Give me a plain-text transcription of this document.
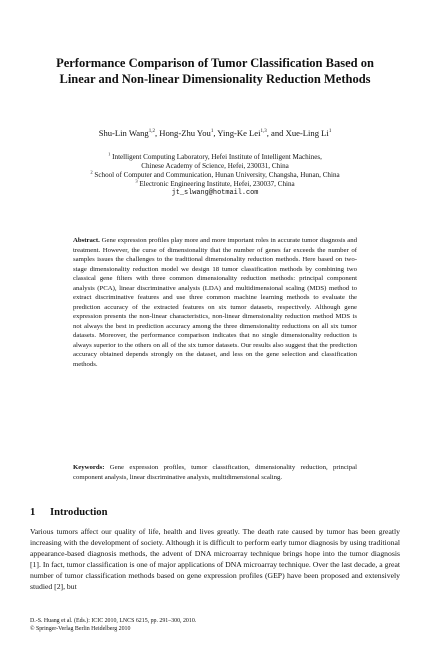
Performance Comparison of Tumor Classification Based on Linear and Non-linear Dimensionality Reduction Methods
Shu-Lin Wang$^{1,2}$, Hong-Zhu You$^1$, Ying-Ke Lei$^{1,3}$, and Xue-Ling Li$^1$
$^1$ Intelligent Computing Laboratory, Hefei Institute of Intelligent Machines,
Chinese Academy of Science, Hefei, 230031, China
$^2$ School of Computer and Communication, Hunan University, Changsha, Hunan, China
$^3$ Electronic Engineering Institute, Hefei, 230037, China
jt_slwang@hotmail.com
Abstract. Gene expression profiles play more and more important roles in accurate tumor diagnosis and treatment. However, the curse of dimensionality that the number of genes far exceeds the number of samples issues the challenges to the traditional dimensionality reduction methods. Here based on two-stage dimensionality reduction model we design 18 tumor classification methods by combining two classical gene filters with three common dimensionality reduction methods: principal component analysis (PCA), linear discriminative analysis (LDA) and multidimensional scaling (MDS) method to extract discriminative features and use three common machine learning methods to evaluate the prediction accuracy of the extracted features on six tumor datasets, respectively. Although gene expression presents the non-linear characteristics, non-linear dimensionality reduction method MDS is not always the best in prediction accuracy among the three dimensionality reductions on all six tumor datasets. Moreover, the performance comparison indicates that no single dimensionality reduction is always superior to the others on all of the six tumor datasets. Our results also suggest that the prediction accuracy obtained depends strongly on the dataset, and less on the gene selection and classification methods.
Keywords: Gene expression profiles, tumor classification, dimensionality reduction, principal component analysis, linear discriminative analysis, multidimensional scaling.
1 Introduction
Various tumors affect our quality of life, health and lives greatly. The death rate caused by tumor has been greatly increasing with the development of society. Although it is difficult to perform early tumor diagnosis by using traditional appearance-based diagnosis methods, the advent of DNA microarray technique brings hope into the tumor diagnosis [1]. In fact, tumor classification is one of major applications of DNA microarray technique. Over the last decade, a great number of tumor classification methods based on gene expression profiles (GEP) have been proposed and extensively studied [2], but
D.-S. Huang et al. (Eds.): ICIC 2010, LNCS 6215, pp. 291–300, 2010.
© Springer-Verlag Berlin Heidelberg 2010
